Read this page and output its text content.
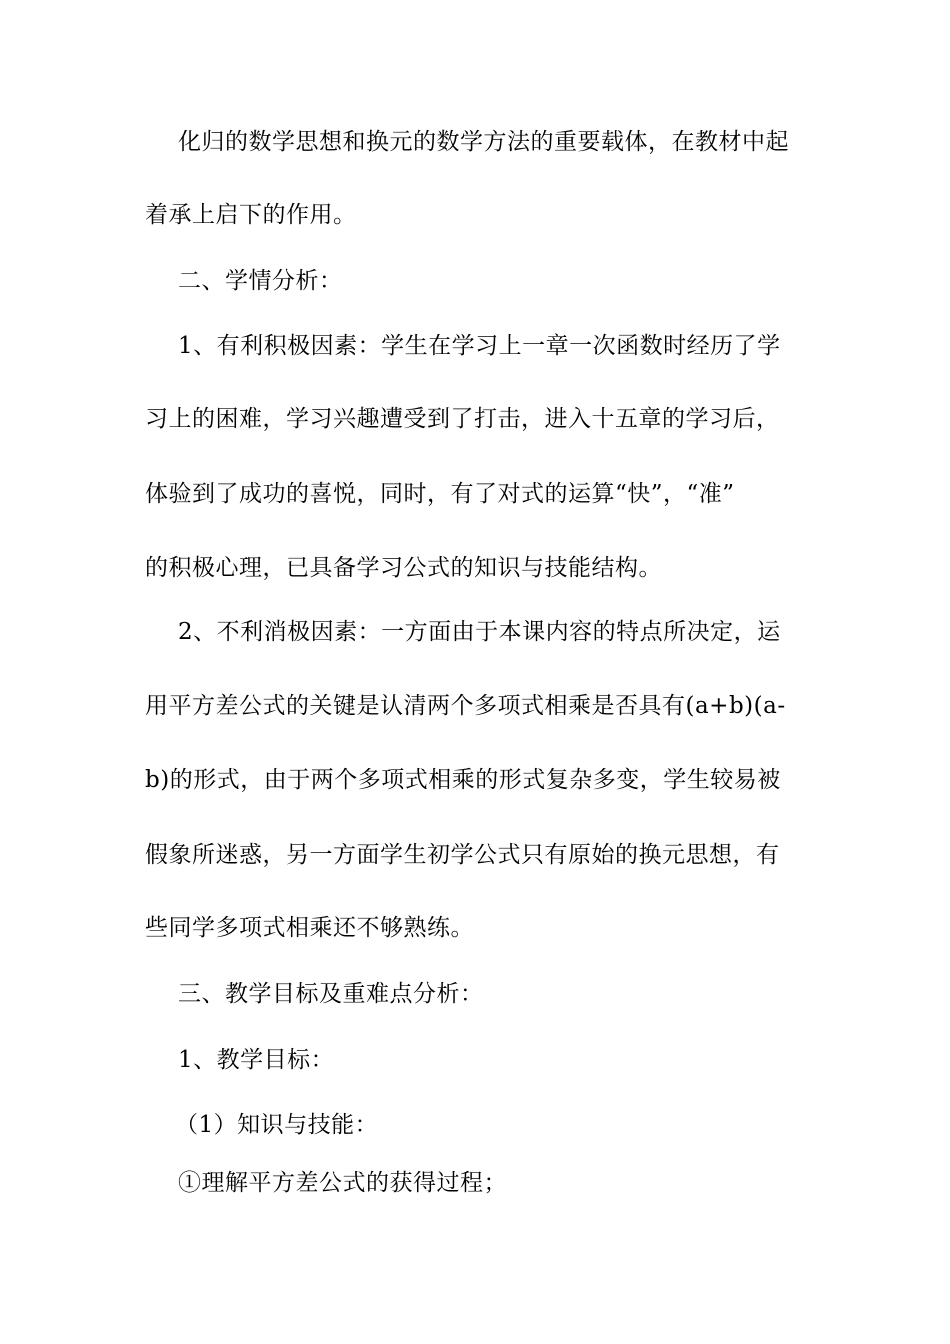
化归的数学思想和换元的数学方法的重要载体，在教材中起
着承上启下的作用。
二、学情分析：
1、有利积极因素：学生在学习上一章一次函数时经历了学
习上的困难，学习兴趣遭受到了打击，进入十五章的学习后，
体验到了成功的喜悦，同时，有了对式的运算“快”，“准”
的积极心理，已具备学习公式的知识与技能结构。
2、不利消极因素：一方面由于本课内容的特点所决定，运
用平方差公式的关键是认清两个多项式相乘是否具有(a+b)(a-
b)的形式，由于两个多项式相乘的形式复杂多变，学生较易被
假象所迷惑，另一方面学生初学公式只有原始的换元思想，有
些同学多项式相乘还不够熟练。
三、教学目标及重难点分析：
1、教学目标：
（1）知识与技能：
①理解平方差公式的获得过程；
